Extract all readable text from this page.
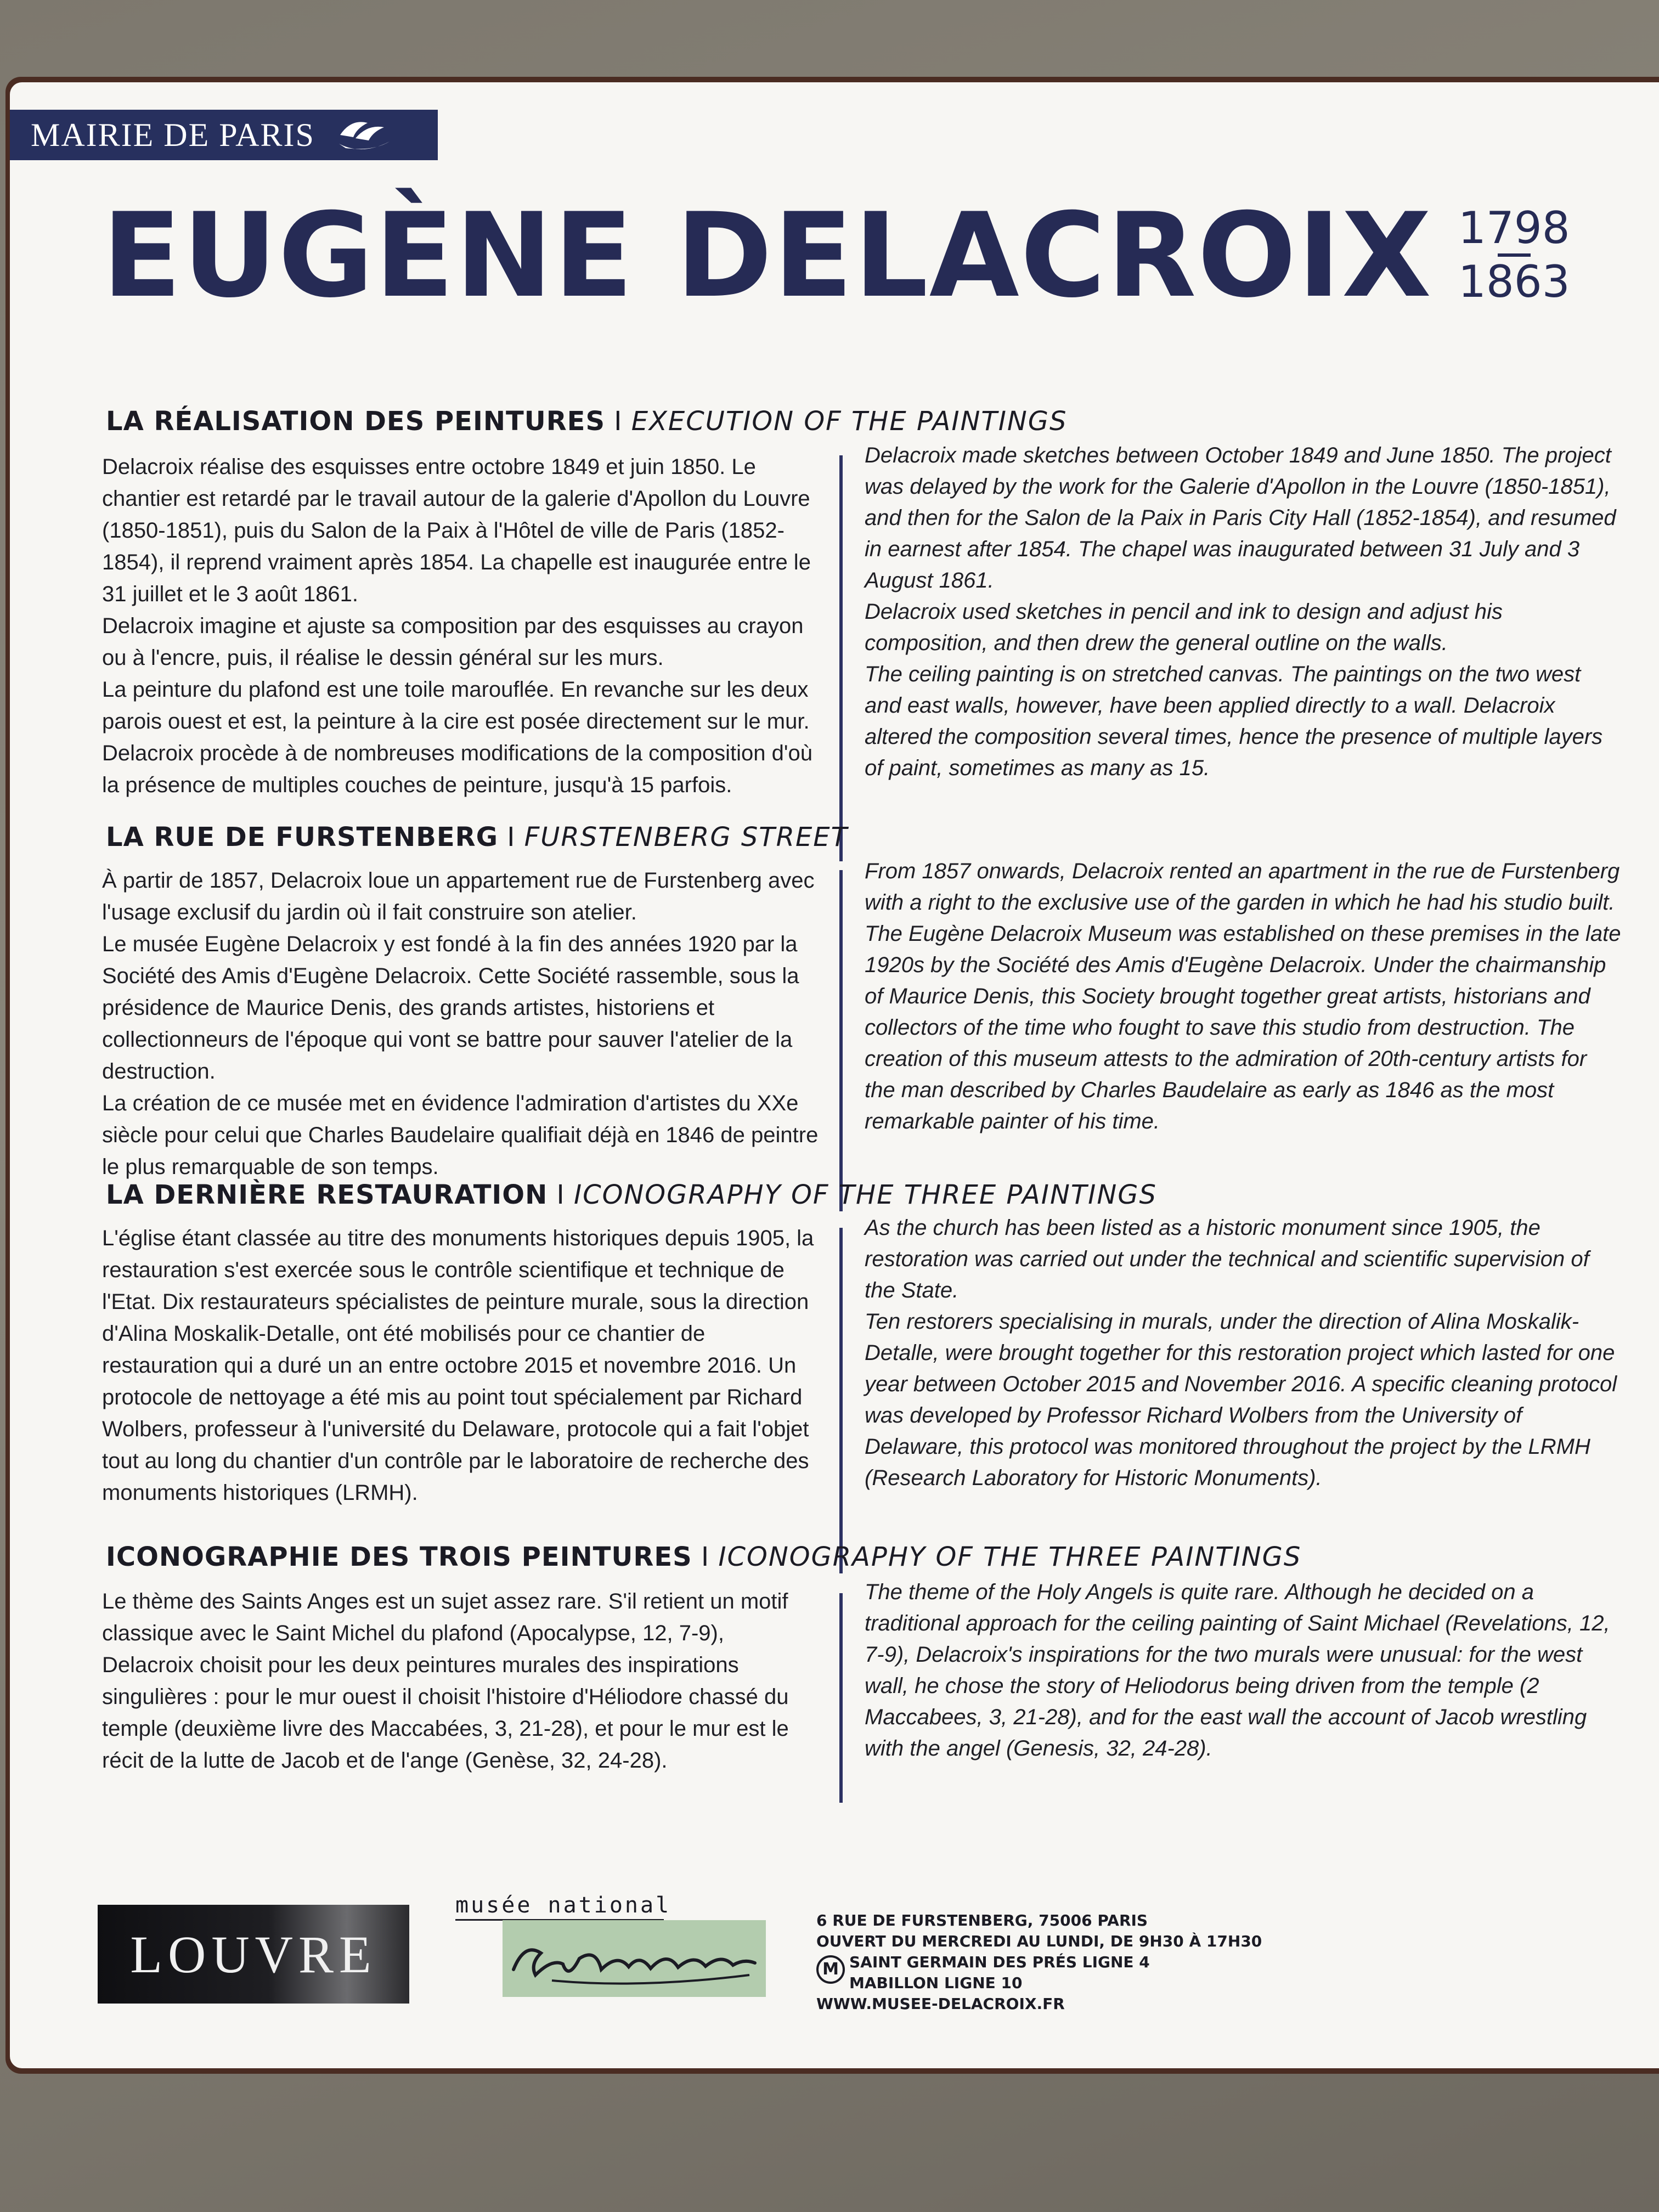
MAIRIE DE PARIS
EUGÈNE DELACROIX 1798
1863
LA RÉALISATION DES PEINTURES I EXECUTION OF THE PAINTINGS

Delacroix réalise des esquisses entre octobre 1849 et juin 1850. Le chantier est retardé par le travail autour de la galerie d'Apollon du Louvre (1850-1851), puis du Salon de la Paix à l'Hôtel de ville de Paris (1852-1854), il reprend vraiment après 1854. La chapelle est inaugurée entre le 31 juillet et le 3 août 1861.

Delacroix imagine et ajuste sa composition par des esquisses au crayon ou à l'encre, puis, il réalise le dessin général sur les murs.

La peinture du plafond est une toile marouflée. En revanche sur les deux parois ouest et est, la peinture à la cire est posée directement sur le mur. Delacroix procède à de nombreuses modifications de la composition d'où la présence de multiples couches de peinture, jusqu'à 15 parfois.

Delacroix made sketches between October 1849 and June 1850. The project was delayed by the work for the Galerie d'Apollon in the Louvre (1850-1851), and then for the Salon de la Paix in Paris City Hall (1852-1854), and resumed in earnest after 1854. The chapel was inaugurated between 31 July and 3 August 1861.

Delacroix used sketches in pencil and ink to design and adjust his composition, and then drew the general outline on the walls.

The ceiling painting is on stretched canvas. The paintings on the two west and east walls, however, have been applied directly to a wall. Delacroix altered the composition several times, hence the presence of multiple layers of paint, sometimes as many as 15.

LA RUE DE FURSTENBERG I FURSTENBERG STREET

À partir de 1857, Delacroix loue un appartement rue de Furstenberg avec l'usage exclusif du jardin où il fait construire son atelier.

Le musée Eugène Delacroix y est fondé à la fin des années 1920 par la Société des Amis d'Eugène Delacroix. Cette Société rassemble, sous la présidence de Maurice Denis, des grands artistes, historiens et collectionneurs de l'époque qui vont se battre pour sauver l'atelier de la destruction.

La création de ce musée met en évidence l'admiration d'artistes du XXe siècle pour celui que Charles Baudelaire qualifiait déjà en 1846 de peintre le plus remarquable de son temps.

From 1857 onwards, Delacroix rented an apartment in the rue de Furstenberg with a right to the exclusive use of the garden in which he had his studio built. The Eugène Delacroix Museum was established on these premises in the late 1920s by the Société des Amis d'Eugène Delacroix. Under the chairmanship of Maurice Denis, this Society brought together great artists, historians and collectors of the time who fought to save this studio from destruction. The creation of this museum attests to the admiration of 20th-century artists for the man described by Charles Baudelaire as early as 1846 as the most remarkable painter of his time.

LA DERNIÈRE RESTAURATION I ICONOGRAPHY OF THE THREE PAINTINGS

L'église étant classée au titre des monuments historiques depuis 1905, la restauration s'est exercée sous le contrôle scientifique et technique de l'Etat. Dix restaurateurs spécialistes de peinture murale, sous la direction d'Alina Moskalik-Detalle, ont été mobilisés pour ce chantier de restauration qui a duré un an entre octobre 2015 et novembre 2016. Un protocole de nettoyage a été mis au point tout spécialement par Richard Wolbers, professeur à l'université du Delaware, protocole qui a fait l'objet tout au long du chantier d'un contrôle par le laboratoire de recherche des monuments historiques (LRMH).

As the church has been listed as a historic monument since 1905, the restoration was carried out under the technical and scientific supervision of the State.

Ten restorers specialising in murals, under the direction of Alina Moskalik-Detalle, were brought together for this restoration project which lasted for one year between October 2015 and November 2016. A specific cleaning protocol was developed by Professor Richard Wolbers from the University of Delaware, this protocol was monitored throughout the project by the LRMH (Research Laboratory for Historic Monuments).

ICONOGRAPHIE DES TROIS PEINTURES I ICONOGRAPHY OF THE THREE PAINTINGS

Le thème des Saints Anges est un sujet assez rare. S'il retient un motif classique avec le Saint Michel du plafond (Apocalypse, 12, 7-9), Delacroix choisit pour les deux peintures murales des inspirations singulières : pour le mur ouest il choisit l'histoire d'Héliodore chassé du temple (deuxième livre des Maccabées, 3, 21-28), et pour le mur est le récit de la lutte de Jacob et de l'ange (Genèse, 32, 24-28).

The theme of the Holy Angels is quite rare. Although he decided on a traditional approach for the ceiling painting of Saint Michael (Revelations, 12, 7-9), Delacroix's inspirations for the two murals were unusual: for the west wall, he chose the story of Heliodorus being driven from the temple (2 Maccabees, 3, 21-28), and for the east wall the account of Jacob wrestling with the angel (Genesis, 32, 24-28).

LOUVRE
musée national
6 RUE DE FURSTENBERG, 75006 PARIS
OUVERT DU MERCREDI AU LUNDI, DE 9H30 À 17H30
M SAINT GERMAIN DES PRÉS LIGNE 4
MABILLON LIGNE 10
WWW.MUSEE-DELACROIX.FR
